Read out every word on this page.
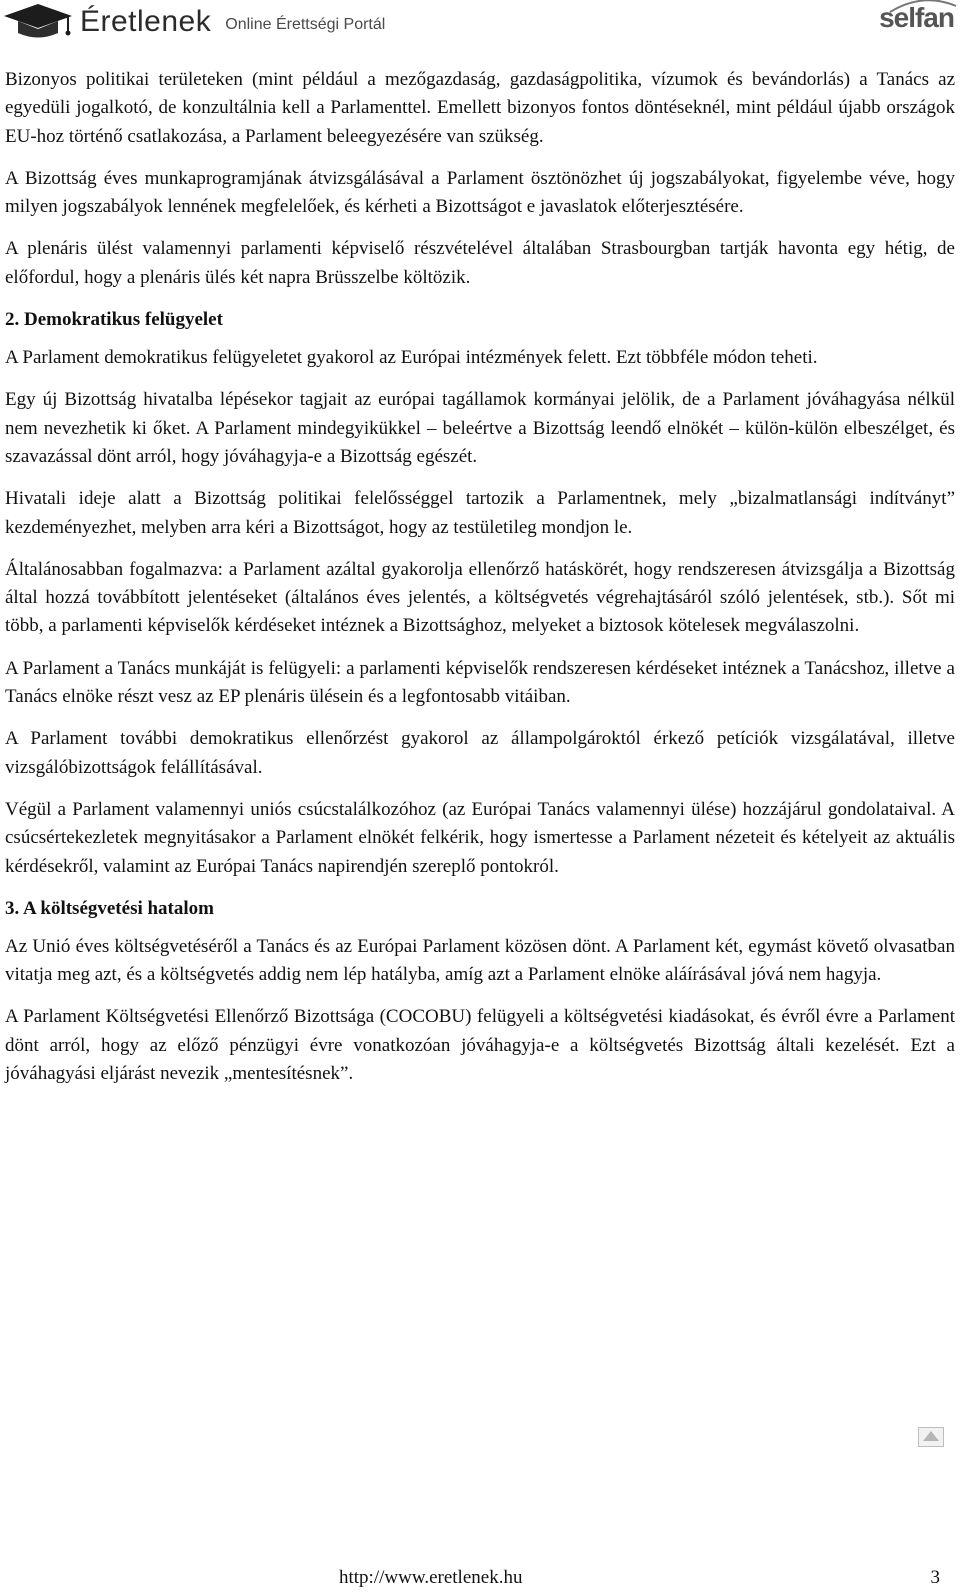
Éretlenek Online Érettségi Portál	selfan

Bizonyos politikai területeken (mint például a mezőgazdaság, gazdaságpolitika, vízumok és bevándorlás) a Tanács az egyedüli jogalkotó, de konzultálnia kell a Parlamenttel. Emellett bizonyos fontos döntéseknél, mint például újabb országok EU-hoz történő csatlakozása, a Parlament beleegyezésére van szükség.

A Bizottság éves munkaprogramjának átvizsgálásával a Parlament ösztönözhet új jogszabályokat, figyelembe véve, hogy milyen jogszabályok lennének megfelelőek, és kérheti a Bizottságot e javaslatok előterjesztésére.

A plenáris ülést valamennyi parlamenti képviselő részvételével általában Strasbourgban tartják havonta egy hétig, de előfordul, hogy a plenáris ülés két napra Brüsszelbe költözik.

2. Demokratikus felügyelet

A Parlament demokratikus felügyeletet gyakorol az Európai intézmények felett. Ezt többféle módon teheti.

Egy új Bizottság hivatalba lépésekor tagjait az európai tagállamok kormányai jelölik, de a Parlament jóváhagyása nélkül nem nevezhetik ki őket. A Parlament mindegyikükkel – beleértve a Bizottság leendő elnökét – külön-külön elbeszélget, és szavazással dönt arról, hogy jóváhagyja-e a Bizottság egészét.

Hivatali ideje alatt a Bizottság politikai felelősséggel tartozik a Parlamentnek, mely „bizalmatlansági indítványt” kezdeményezhet, melyben arra kéri a Bizottságot, hogy az testületileg mondjon le.

Általánosabban fogalmazva: a Parlament azáltal gyakorolja ellenőrző hatáskörét, hogy rendszeresen átvizsgálja a Bizottság által hozzá továbbított jelentéseket (általános éves jelentés, a költségvetés végrehajtásáról szóló jelentések, stb.). Sőt mi több, a parlamenti képviselők kérdéseket intéznek a Bizottsághoz, melyeket a biztosok kötelesek megválaszolni.

A Parlament a Tanács munkáját is felügyeli: a parlamenti képviselők rendszeresen kérdéseket intéznek a Tanácshoz, illetve a Tanács elnöke részt vesz az EP plenáris ülésein és a legfontosabb vitáiban.

A Parlament további demokratikus ellenőrzést gyakorol az állampolgároktól érkező petíciók vizsgálatával, illetve vizsgálóbizottságok felállításával.

Végül a Parlament valamennyi uniós csúcstalálkozóhoz (az Európai Tanács valamennyi ülése) hozzájárul gondolataival. A csúcsértekezletek megnyitásakor a Parlament elnökét felkérik, hogy ismertesse a Parlament nézeteit és kételyeit az aktuális kérdésekről, valamint az Európai Tanács napirendjén szereplő pontokról.

3. A költségvetési hatalom

Az Unió éves költségvetéséről a Tanács és az Európai Parlament közösen dönt. A Parlament két, egymást követő olvasatban vitatja meg azt, és a költségvetés addig nem lép hatályba, amíg azt a Parlament elnöke aláírásával jóvá nem hagyja.

A Parlament Költségvetési Ellenőrző Bizottsága (COCOBU) felügyeli a költségvetési kiadásokat, és évről évre a Parlament dönt arról, hogy az előző pénzügyi évre vonatkozóan jóváhagyja-e a költségvetés Bizottság általi kezelését. Ezt a jóváhagyási eljárást nevezik „mentesítésnek”.

http://www.eretlenek.hu	3
